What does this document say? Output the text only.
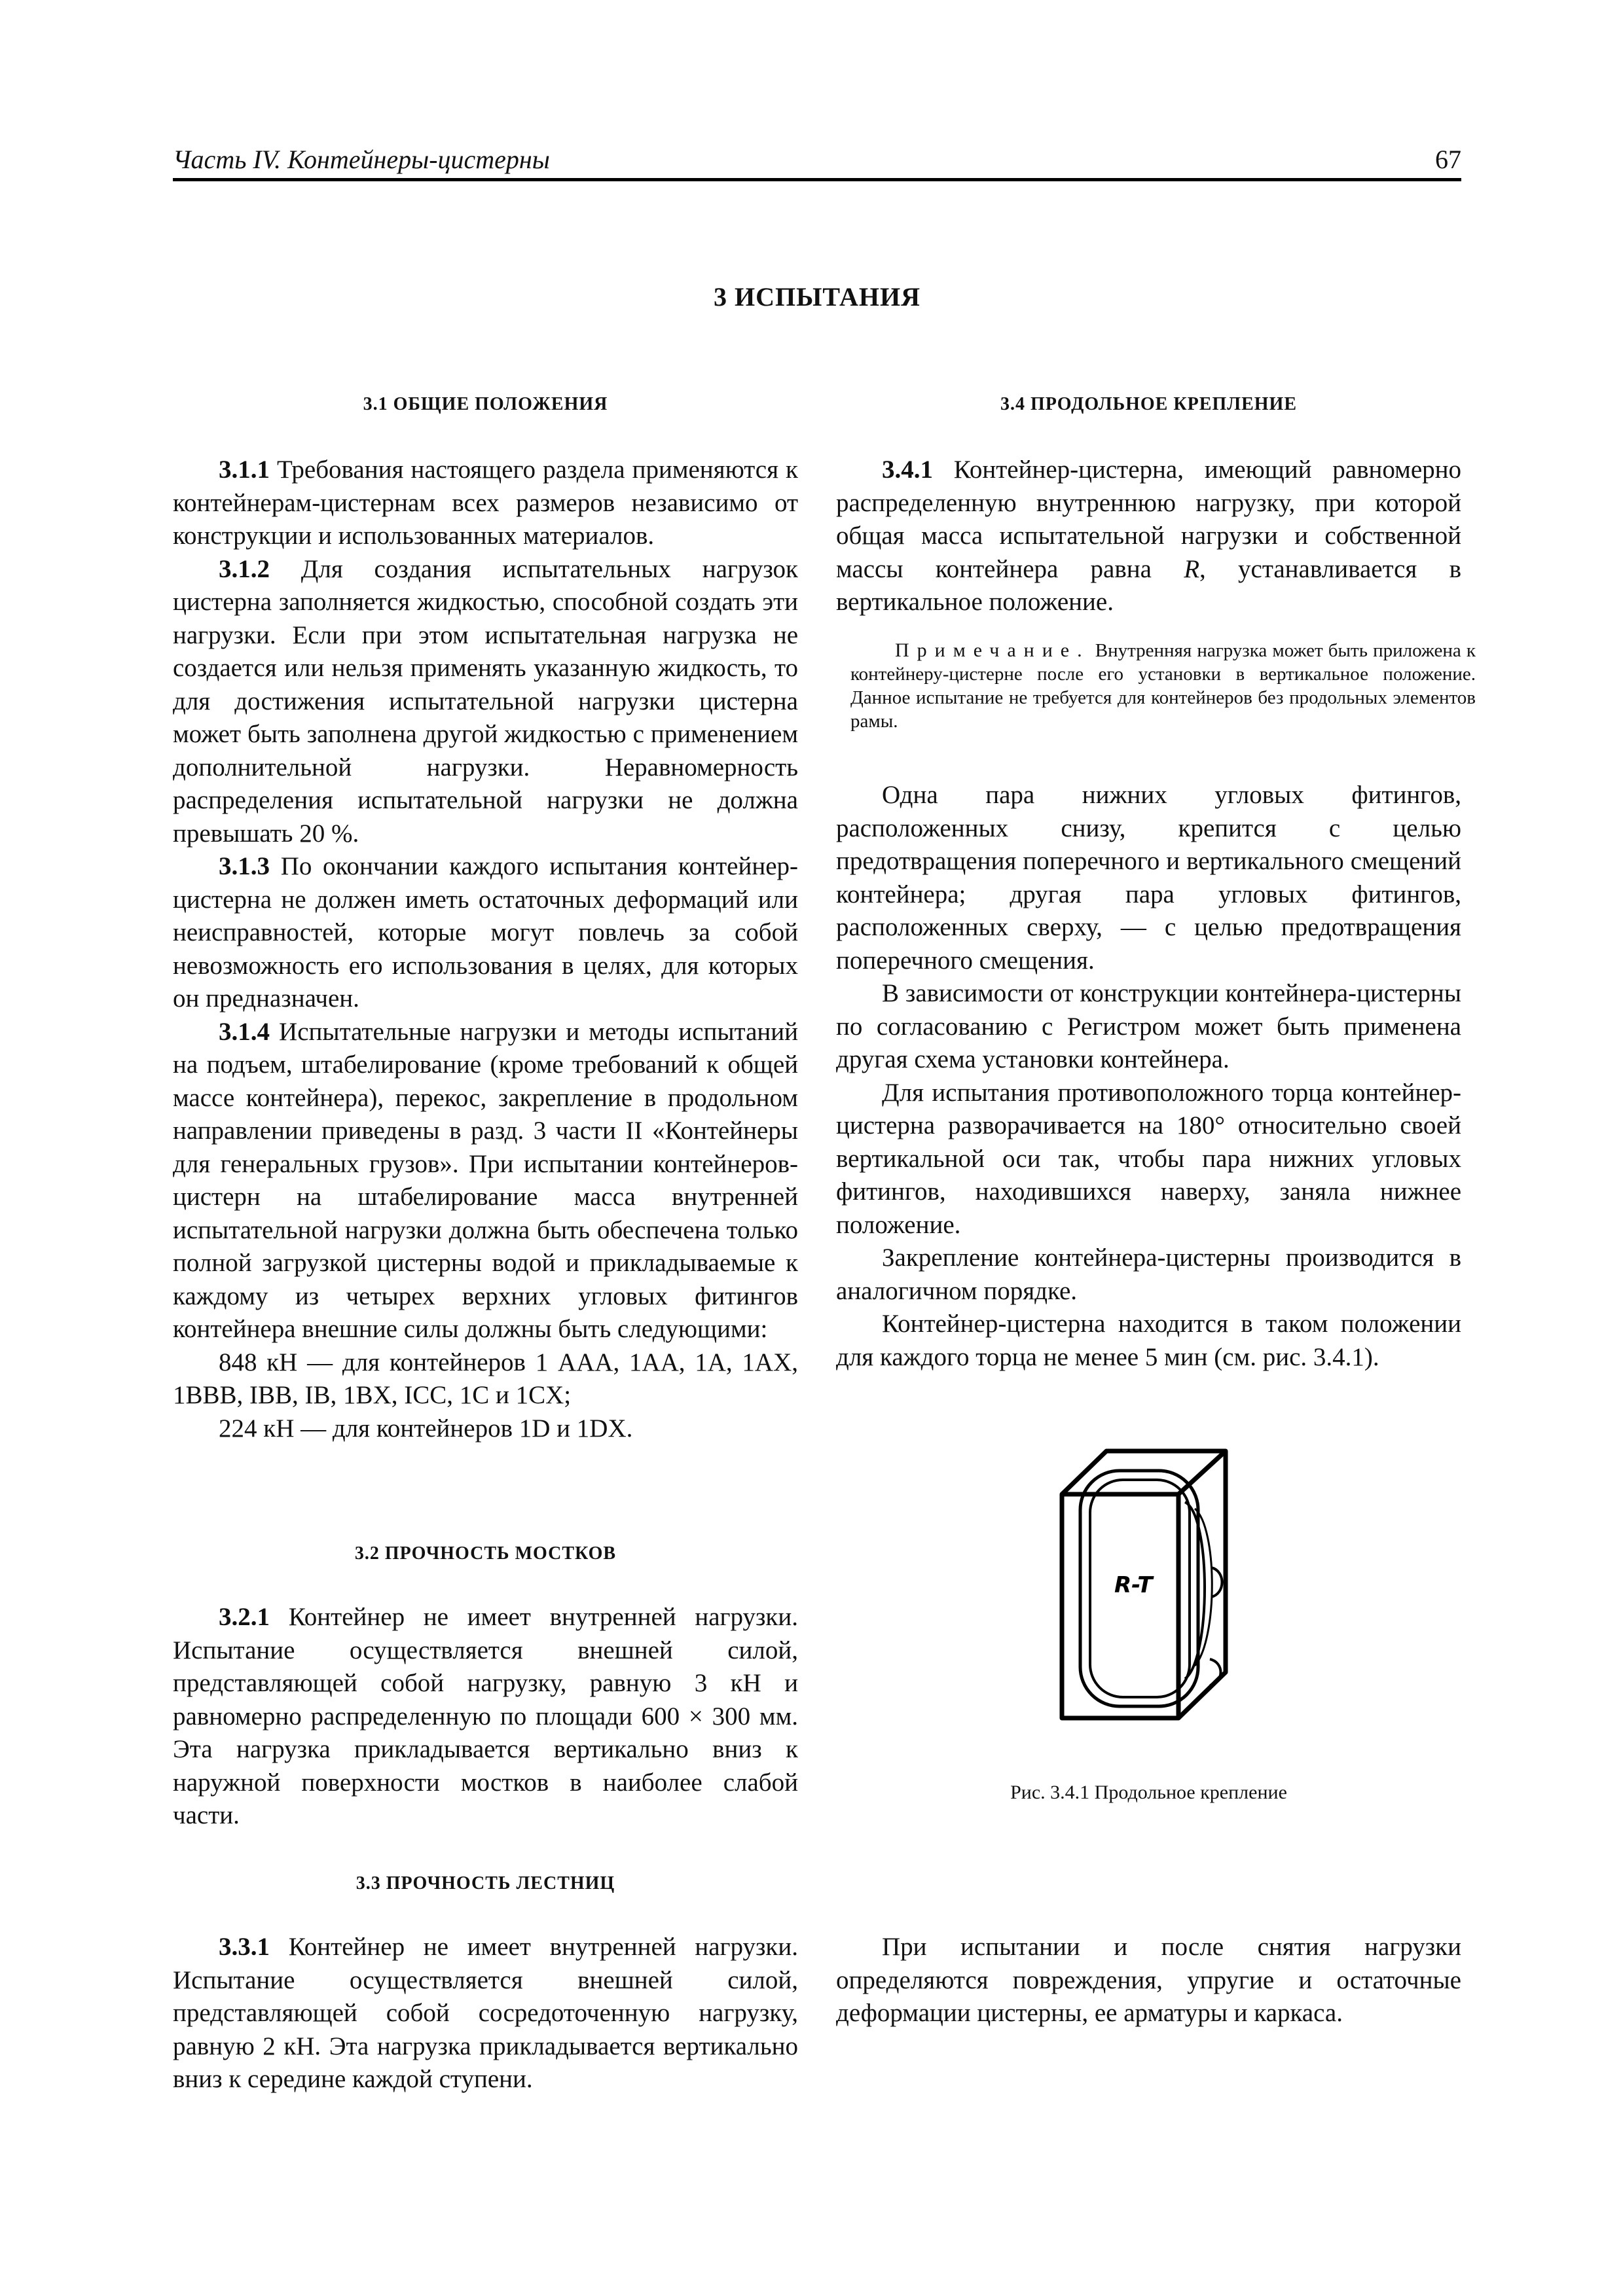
Часть IV. Контейнеры-цистерны	67
3 ИСПЫТАНИЯ
3.1 ОБЩИЕ ПОЛОЖЕНИЯ

3.1.1 Требования настоящего раздела применяются к контейнерам-цистернам всех размеров независимо от конструкции и использованных материалов.

3.1.2 Для создания испытательных нагрузок цистерна заполняется жидкостью, способной создать эти нагрузки. Если при этом испытательная нагрузка не создается или нельзя применять указанную жидкость, то для достижения испытательной нагрузки цистерна может быть заполнена другой жидкостью с применением дополнительной нагрузки. Неравномерность распределения испытательной нагрузки не должна превышать 20 %.

3.1.3 По окончании каждого испытания контейнер-цистерна не должен иметь остаточных деформаций или неисправностей, которые могут повлечь за собой невозможность его использования в целях, для которых он предназначен.

3.1.4 Испытательные нагрузки и методы испытаний на подъем, штабелирование (кроме требований к общей массе контейнера), перекос, закрепление в продольном направлении приведены в разд. 3 части II «Контейнеры для генеральных грузов». При испытании контейнеров-цистерн на штабелирование масса внутренней испытательной нагрузки должна быть обеспечена только полной загрузкой цистерны водой и прикладываемые к каждому из четырех верхних угловых фитингов контейнера внешние силы должны быть следующими:

848 кН — для контейнеров 1 AAA, 1AA, 1A, 1AX, 1BBB, IBB, IB, 1BX, ICC, 1C и 1CX;

224 кН — для контейнеров 1D и 1DX.

3.2 ПРОЧНОСТЬ МОСТКОВ

3.2.1 Контейнер не имеет внутренней нагрузки. Испытание осуществляется внешней силой, представляющей собой нагрузку, равную 3 кН и равномерно распределенную по площади 600 × 300 мм. Эта нагрузка прикладывается вертикально вниз к наружной поверхности мостков в наиболее слабой части.

3.3 ПРОЧНОСТЬ ЛЕСТНИЦ

3.3.1 Контейнер не имеет внутренней нагрузки. Испытание осуществляется внешней силой, представляющей собой сосредоточенную нагрузку, равную 2 кН. Эта нагрузка прикладывается вертикально вниз к середине каждой ступени.

3.4 ПРОДОЛЬНОЕ КРЕПЛЕНИЕ

3.4.1 Контейнер-цистерна, имеющий равномерно распределенную внутреннюю нагрузку, при которой общая масса испытательной нагрузки и собственной массы контейнера равна R, устанавливается в вертикальное положение.

Примечание. Внутренняя нагрузка может быть приложена к контейнеру-цистерне после его установки в вертикальное положение. Данное испытание не требуется для контейнеров без продольных элементов рамы.

Одна пара нижних угловых фитингов, расположенных снизу, крепится с целью предотвращения поперечного и вертикального смещений контейнера; другая пара угловых фитингов, расположенных сверху, — с целью предотвращения поперечного смещения.

В зависимости от конструкции контейнера-цистерны по согласованию с Регистром может быть применена другая схема установки контейнера.

Для испытания противоположного торца контейнер-цистерна разворачивается на 180° относительно своей вертикальной оси так, чтобы пара нижних угловых фитингов, находившихся наверху, заняла нижнее положение.

Закрепление контейнера-цистерны производится в аналогичном порядке.

Контейнер-цистерна находится в таком положении для каждого торца не менее 5 мин (см. рис. 3.4.1).

R-T
Рис. 3.4.1 Продольное крепление

При испытании и после снятия нагрузки определяются повреждения, упругие и остаточные деформации цистерны, ее арматуры и каркаса.
